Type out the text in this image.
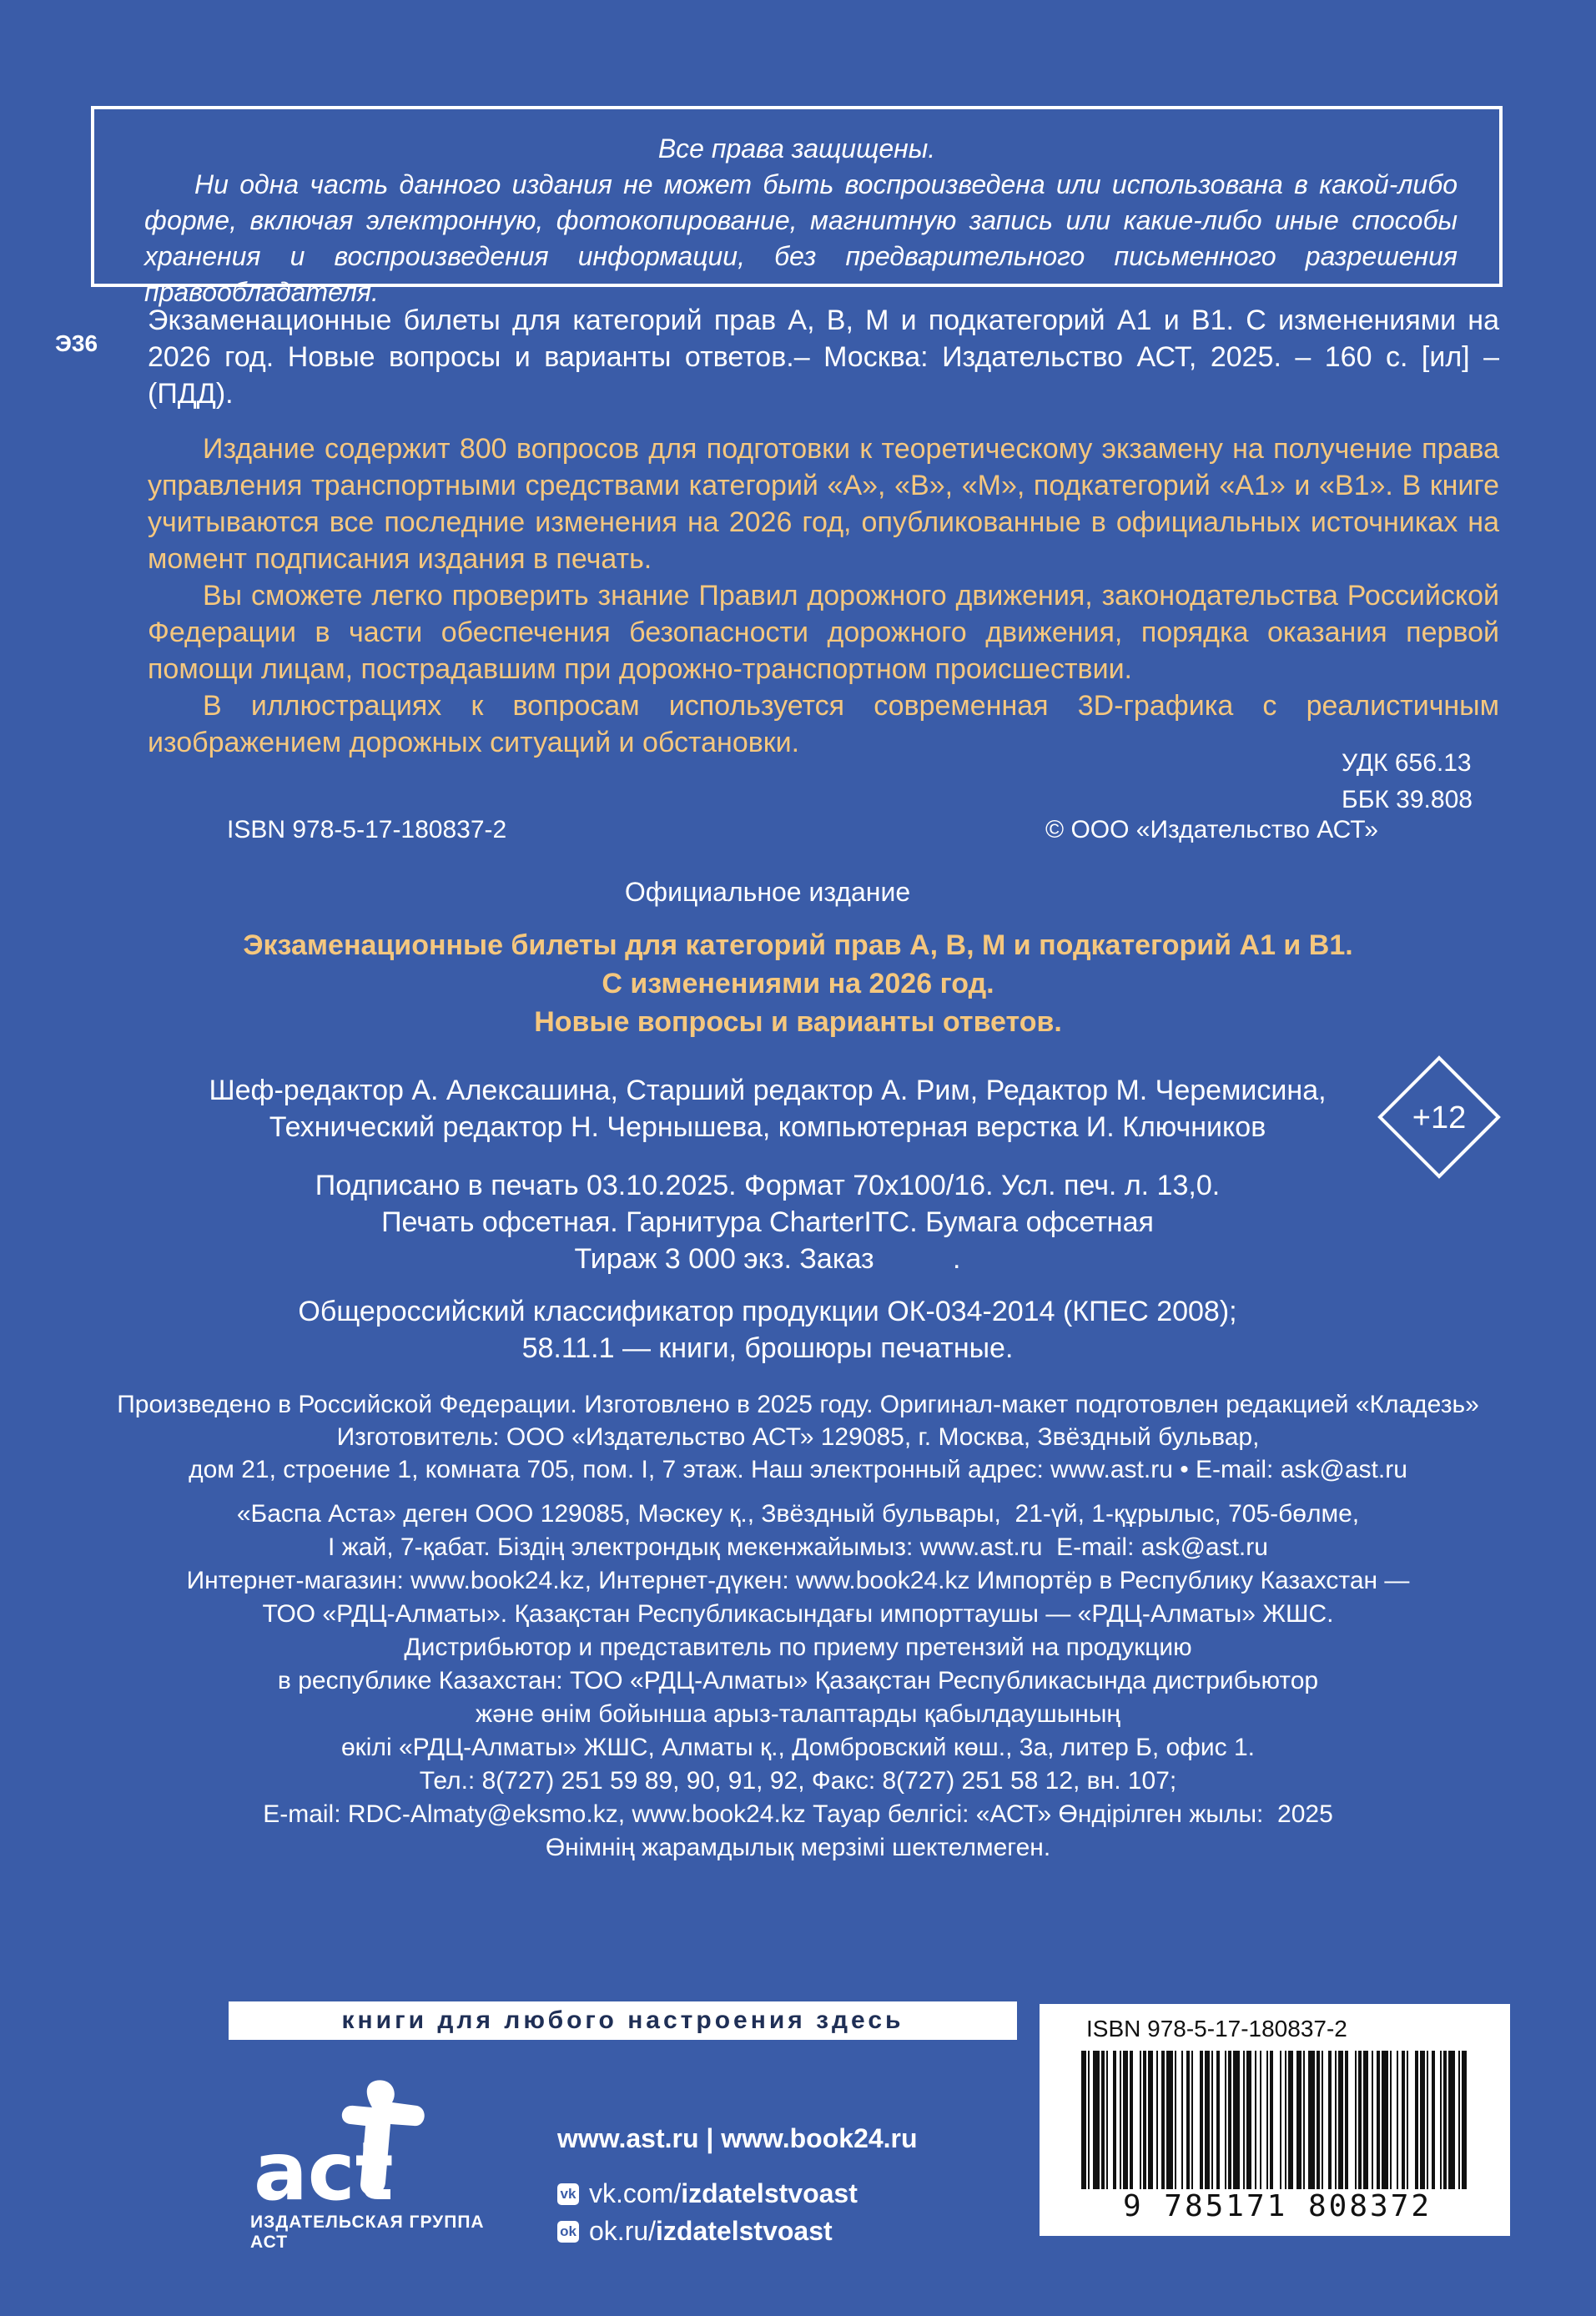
Все права защищены.
Ни одна часть данного издания не может быть воспроизведена или использована в какой-либо форме, включая электронную, фотокопирование, магнитную запись или какие-либо иные способы хранения и воспроизведения информации, без предварительного письменного разрешения правообладателя.
Э36
Экзаменационные билеты для категорий прав А, В, М и подкатегорий А1 и В1. С изменениями на 2026 год. Новые вопросы и варианты ответов.– Москва: Издательство АСТ, 2025. – 160 с. [ил] – (ПДД).

Издание содержит 800 вопросов для подготовки к теоретическому экзамену на получение права управления транспортными средствами категорий «А», «В», «М», подкатегорий «А1» и «В1». В книге учитываются все последние изменения на 2026 год, опубликованные в официальных источниках на момент подписания издания в печать.

Вы сможете легко проверить знание Правил дорожного движения, законодательства Российской Федерации в части обеспечения безопасности дорожного движения, порядка оказания первой помощи лицам, пострадавшим при дорожно-транспортном происшествии.

В иллюстрациях к вопросам используется современная 3D-графика с реалистичным изображением дорожных ситуаций и обстановки.

УДК 656.13
ББК 39.808
ISBN 978-5-17-180837-2	© ООО «Издательство АСТ»
Официальное издание
Экзаменационные билеты для категорий прав А, В, М и подкатегорий А1 и В1.
С изменениями на 2026 год.
Новые вопросы и варианты ответов.
Шеф-редактор А. Алексашина, Старший редактор А. Рим, Редактор М. Черемисина,
Технический редактор Н. Чернышева, компьютерная верстка И. Ключников	+12
Подписано в печать 03.10.2025. Формат 70x100/16. Усл. печ. л. 13,0.
Печать офсетная. Гарнитура CharterITC. Бумага офсетная
Тираж 3 000 экз. Заказ          .
Общероссийский классификатор продукции ОК-034-2014 (КПЕС 2008);
58.11.1 — книги, брошюры печатные.
Произведено в Российской Федерации. Изготовлено в 2025 году. Оригинал-макет подготовлен редакцией «Кладезь»
Изготовитель: ООО «Издательство АСТ» 129085, г. Москва, Звёздный бульвар,
дом 21, строение 1, комната 705, пом. I, 7 этаж. Наш электронный адрес: www.ast.ru • E-mail: ask@ast.ru
«Баспа Аста» деген ООО 129085, Мәскеу қ., Звёздный бульвары,  21-үй, 1-құрылыс, 705-бөлме,
I жай, 7-қабат. Біздің электрондық мекенжайымыз: www.ast.ru  E-mail: ask@ast.ru
Интернет-магазин: www.book24.kz, Интернет-дүкен: www.book24.kz Импортёр в Республику Казахстан —
ТОО «РДЦ-Алматы». Қазақстан Республикасындағы импорттаушы — «РДЦ-Алматы» ЖШС.
Дистрибьютор и представитель по приему претензий на продукцию
в республике Казахстан: ТОО «РДЦ-Алматы» Қазақстан Республикасында дистрибьютор
және өнім бойынша арыз-талаптарды қабылдаушының
өкілі «РДЦ-Алматы» ЖШС, Алматы қ., Домбровский көш., 3а, литер Б, офис 1.
Тел.: 8(727) 251 59 89, 90, 91, 92, Факс: 8(727) 251 58 12, вн. 107;
E-mail: RDC-Almaty@eksmo.kz, www.book24.kz Тауар белгісі: «АСТ» Өндірілген жылы:  2025
Өнімнің жарамдылық мерзімі шектелмеген.
книги для любого настроения здесь
act
ИЗДАТЕЛЬСКАЯ ГРУППА АСТ
www.ast.ru | www.book24.ru
vk vk.com/ izdatelstvoast
ok ok.ru/ izdatelstvoast
ISBN 978-5-17-180837-2
9 785171 808372
